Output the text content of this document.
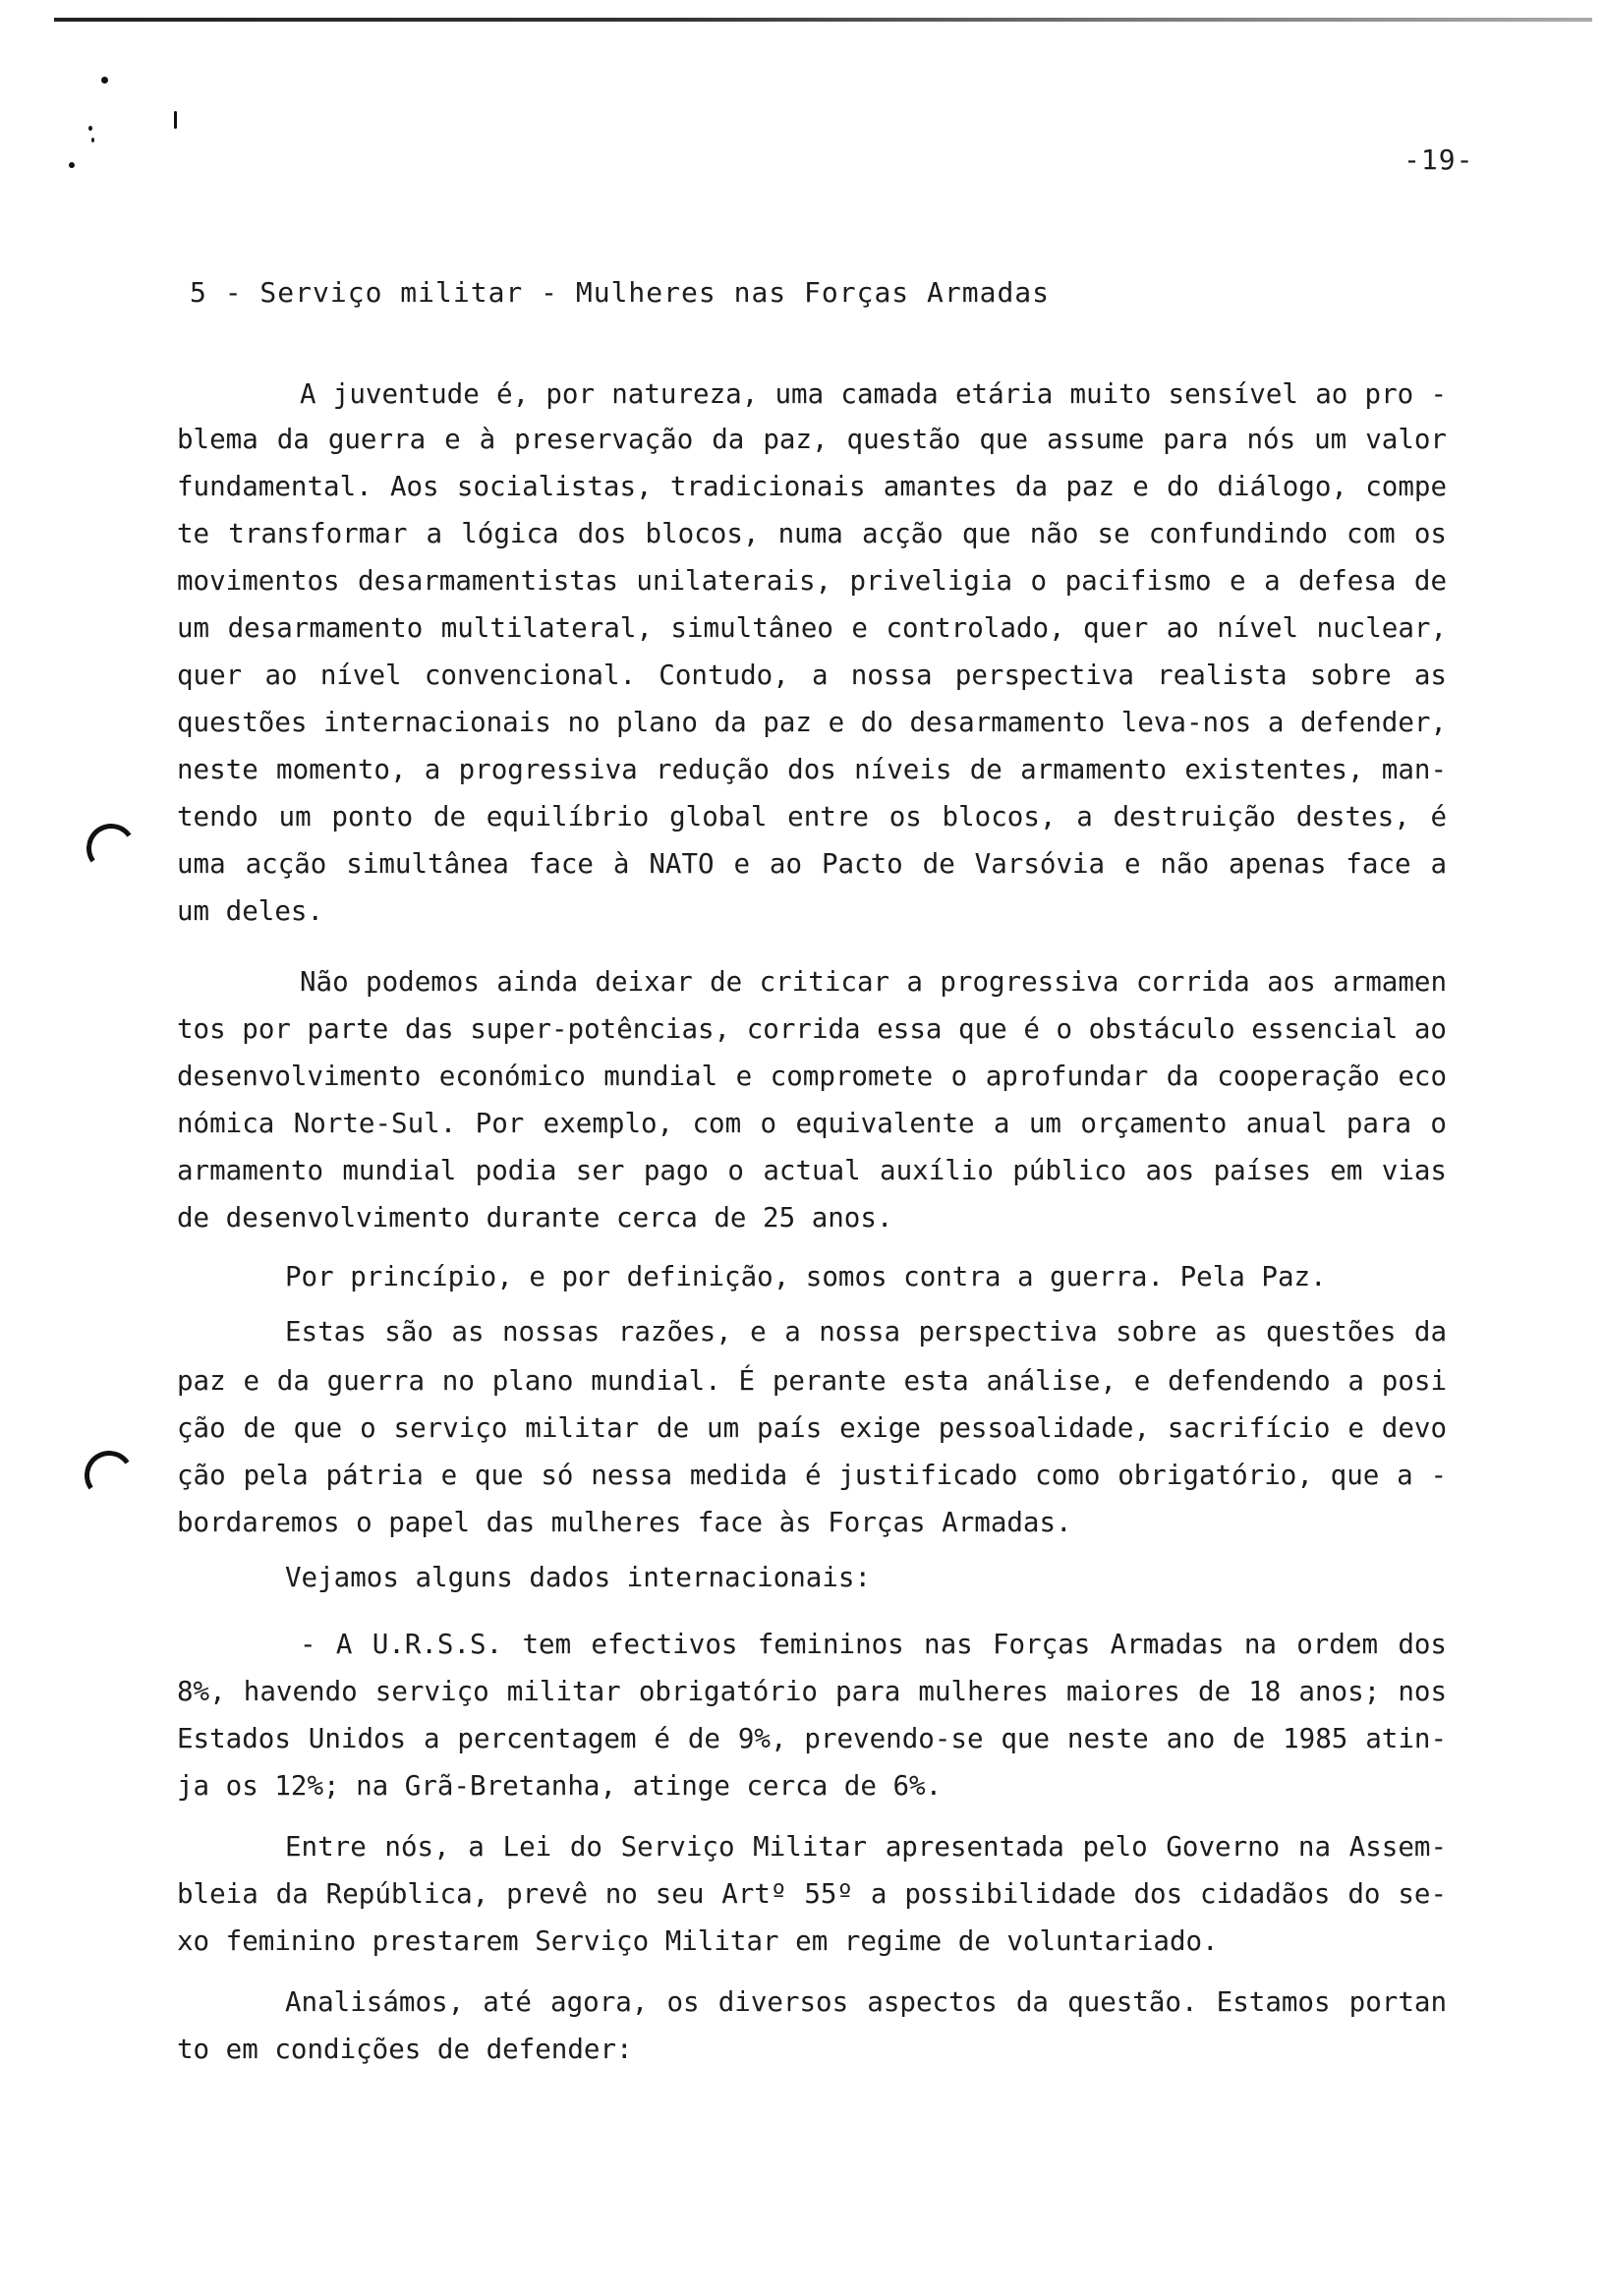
-19-
5 - Serviço militar - Mulheres nas Forças Armadas
A juventude é, por natureza, uma camada etária muito sensível ao pro -
blema da guerra e à preservação da paz, questão que assume para nós um valor
fundamental. Aos socialistas, tradicionais amantes da paz e do diálogo, compe
te transformar a lógica dos blocos, numa acção que não se confundindo com os
movimentos desarmamentistas unilaterais, priveligia o pacifismo e a defesa de
um desarmamento multilateral, simultâneo e controlado, quer ao nível nuclear,
quer ao nível convencional. Contudo, a nossa perspectiva realista sobre as
questões internacionais no plano da paz e do desarmamento leva-nos a defender,
neste momento, a progressiva redução dos níveis de armamento existentes, man-
tendo um ponto de equilíbrio global entre os blocos, a destruição destes, é
uma acção simultânea face à NATO e ao Pacto de Varsóvia e não apenas face a
um deles.
Não podemos ainda deixar de criticar a progressiva corrida aos armamen
tos por parte das super-potências, corrida essa que é o obstáculo essencial ao
desenvolvimento económico mundial e compromete o aprofundar da cooperação eco
nómica Norte-Sul. Por exemplo, com o equivalente a um orçamento anual para o
armamento mundial podia ser pago o actual auxílio público aos países em vias
de desenvolvimento durante cerca de 25 anos.
Por princípio, e por definição, somos contra a guerra. Pela Paz.
Estas são as nossas razões, e a nossa perspectiva sobre as questões da
paz e da guerra no plano mundial. É perante esta análise, e defendendo a posi
ção de que o serviço militar de um país exige pessoalidade, sacrifício e devo
ção pela pátria e que só nessa medida é justificado como obrigatório, que a -
bordaremos o papel das mulheres face às Forças Armadas.
Vejamos alguns dados internacionais:
- A U.R.S.S. tem efectivos femininos nas Forças Armadas na ordem dos
8%, havendo serviço militar obrigatório para mulheres maiores de 18 anos; nos
Estados Unidos a percentagem é de 9%, prevendo-se que neste ano de 1985 atin-
ja os 12%; na Grã-Bretanha, atinge cerca de 6%.
Entre nós, a Lei do Serviço Militar apresentada pelo Governo na Assem-
bleia da República, prevê no seu Artº 55º a possibilidade dos cidadãos do se-
xo feminino prestarem Serviço Militar em regime de voluntariado.
Analisámos, até agora, os diversos aspectos da questão. Estamos portan
to em condições de defender:
